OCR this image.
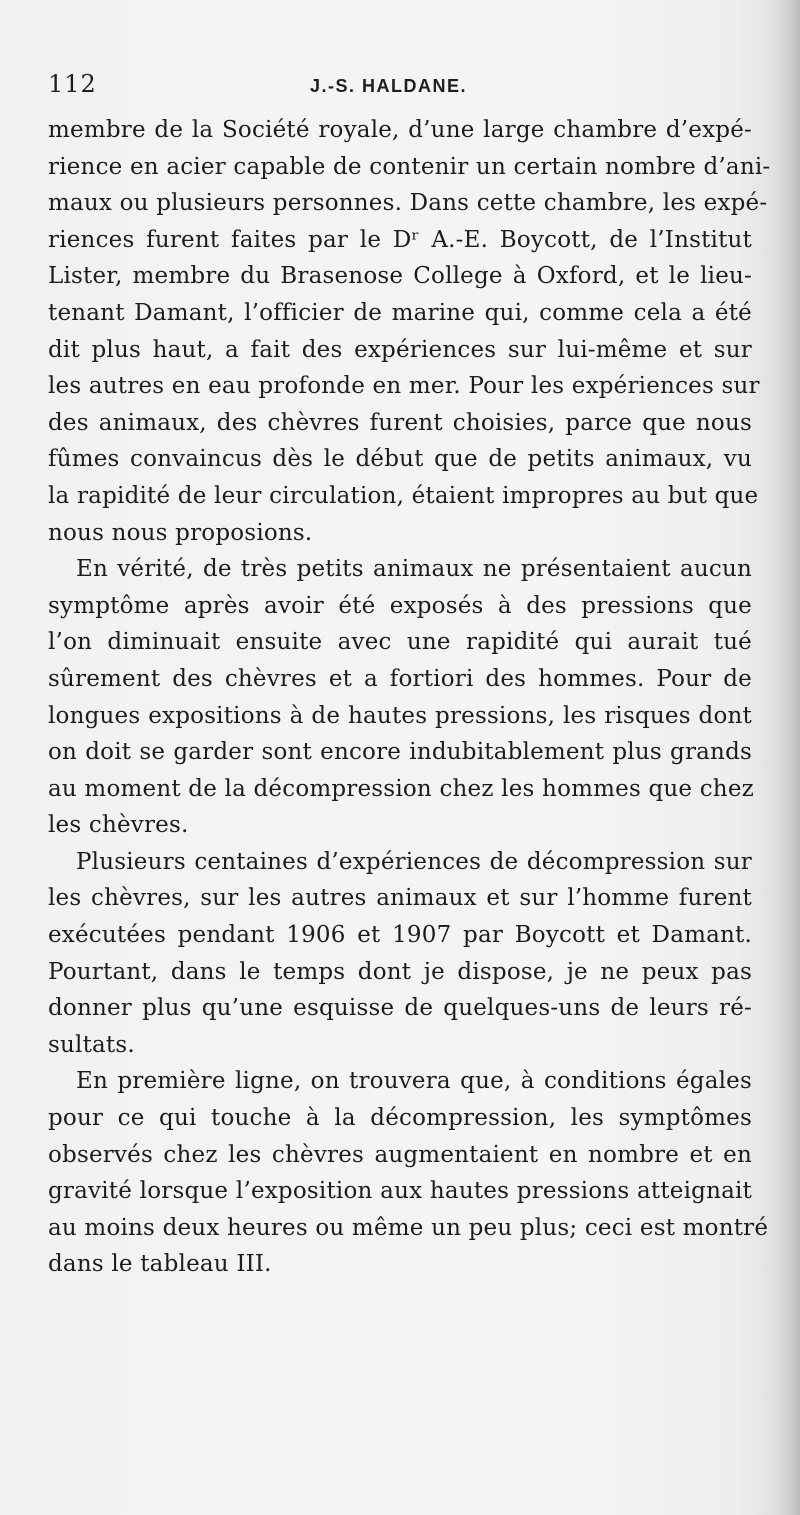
112	J.-S. HALDANE.
membre de la Société royale, d’une large chambre d’expé-
rience en acier capable de contenir un certain nombre d’ani-
maux ou plusieurs personnes. Dans cette chambre, les expé-
riences furent faites par le Dʳ A.-E. Boycott, de l’Institut
Lister, membre du Brasenose College à Oxford, et le lieu-
tenant Damant, l’officier de marine qui, comme cela a été
dit plus haut, a fait des expériences sur lui-même et sur
les autres en eau profonde en mer. Pour les expériences sur
des animaux, des chèvres furent choisies, parce que nous
fûmes convaincus dès le début que de petits animaux, vu
la rapidité de leur circulation, étaient impropres au but que
nous nous proposions.
En vérité, de très petits animaux ne présentaient aucun
symptôme après avoir été exposés à des pressions que
l’on diminuait ensuite avec une rapidité qui aurait tué
sûrement des chèvres et a fortiori des hommes. Pour de
longues expositions à de hautes pressions, les risques dont
on doit se garder sont encore indubitablement plus grands
au moment de la décompression chez les hommes que chez
les chèvres.
Plusieurs centaines d’expériences de décompression sur
les chèvres, sur les autres animaux et sur l’homme furent
exécutées pendant 1906 et 1907 par Boycott et Damant.
Pourtant, dans le temps dont je dispose, je ne peux pas
donner plus qu’une esquisse de quelques-uns de leurs ré-
sultats.
En première ligne, on trouvera que, à conditions égales
pour ce qui touche à la décompression, les symptômes
observés chez les chèvres augmentaient en nombre et en
gravité lorsque l’exposition aux hautes pressions atteignait
au moins deux heures ou même un peu plus; ceci est montré
dans le tableau III.
